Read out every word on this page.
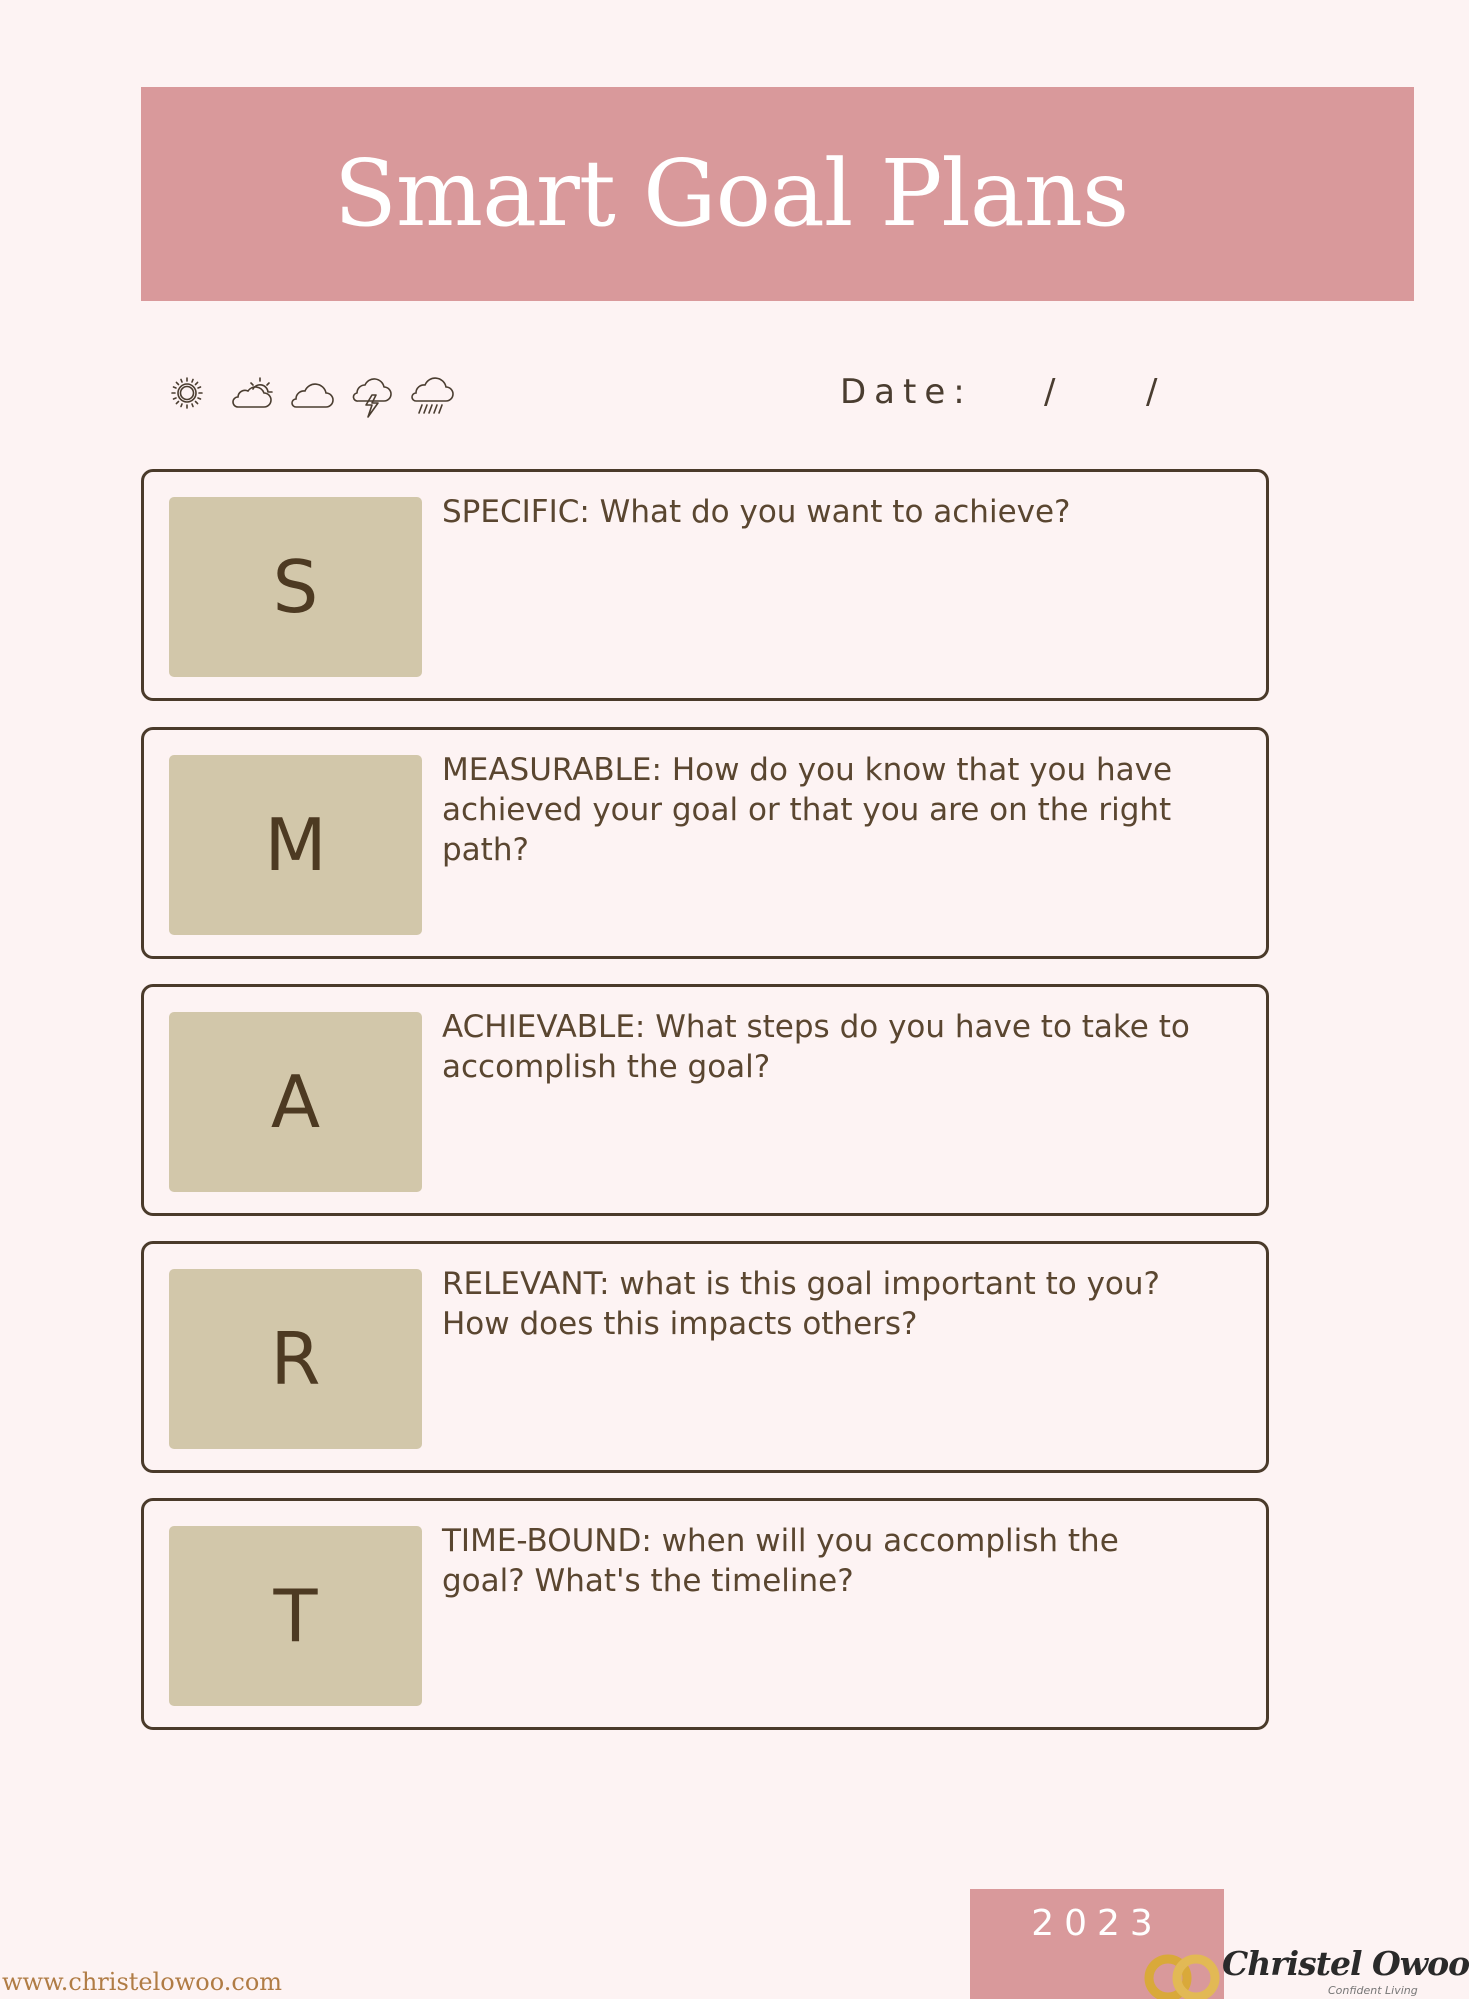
Smart Goal Plans
Date: /	/
S

SPECIFIC: What do you want to achieve?

M

MEASURABLE: How do you know that you have achieved your goal or that you are on the right path?

A

ACHIEVABLE: What steps do you have to take to accomplish the goal?

R

RELEVANT: what is this goal important to you? How does this impacts others?

T

TIME-BOUND: when will you accomplish the goal? What's the timeline?

2023
www.christelowoo.com	Christel Owoo
Confident Living
